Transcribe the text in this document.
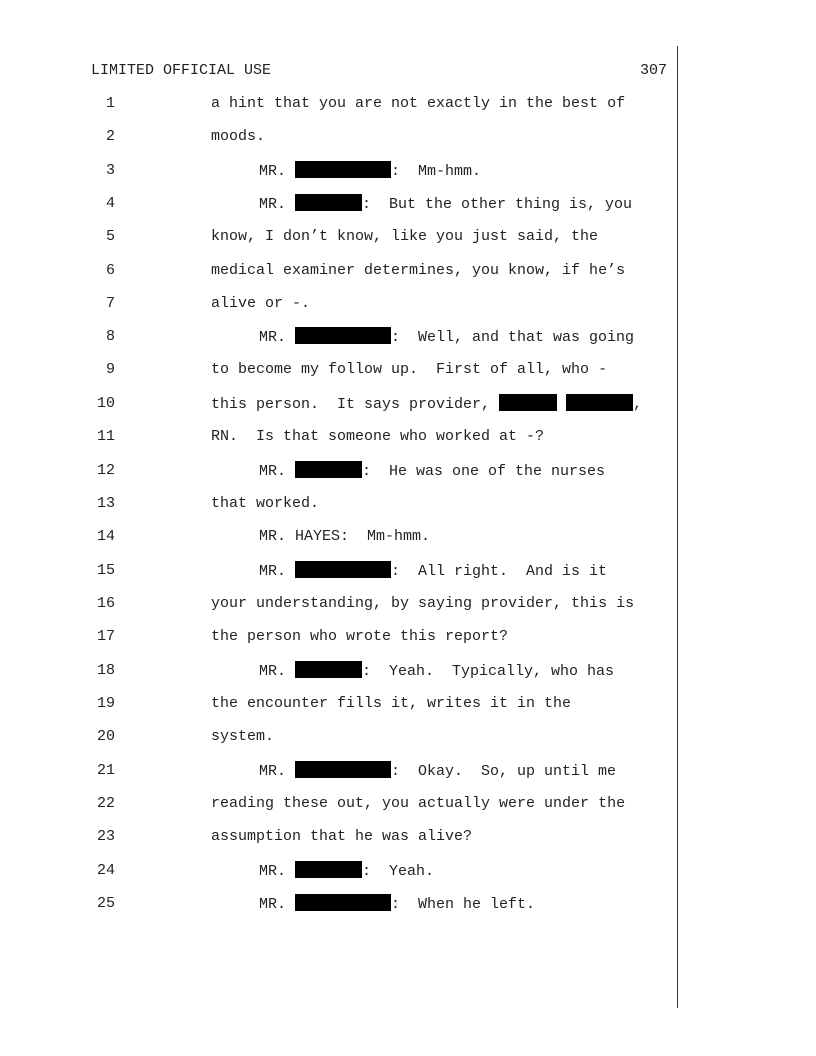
LIMITED OFFICIAL USE	307
1	a hint that you are not exactly in the best of
2	moods.
3	MR.	:  Mm-hmm.
4	MR.	:  But the other thing is, you
5	know, I don’t know, like you just said, the
6	medical examiner determines, you know, if he’s
7	alive or -.
8	MR.	:  Well, and that was going
9	to become my follow up.  First of all, who -
10	this person.  It says provider,	,
11	RN.  Is that someone who worked at -?
12	MR.	:  He was one of the nurses
13	that worked.
14	MR. HAYES:  Mm-hmm.
15	MR.	:  All right.  And is it
16	your understanding, by saying provider, this is
17	the person who wrote this report?
18	MR.	:  Yeah.  Typically, who has
19	the encounter fills it, writes it in the
20	system.
21	MR.	:  Okay.  So, up until me
22	reading these out, you actually were under the
23	assumption that he was alive?
24	MR.	:  Yeah.
25	MR.	:  When he left.
